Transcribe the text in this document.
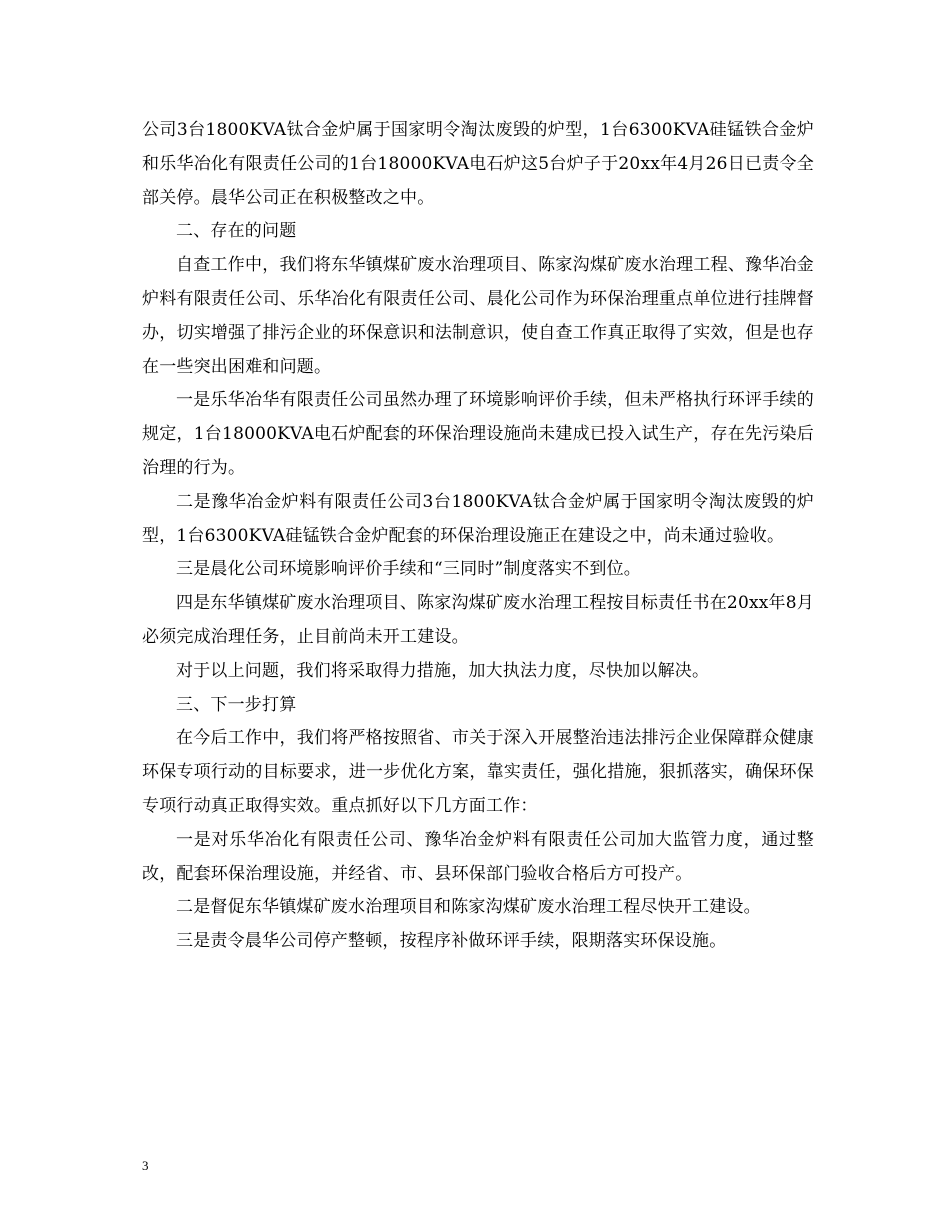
公司3台1800KVA钛合金炉属于国家明令淘汰废毁的炉型，1台6300KVA硅锰铁合金炉和乐华冶化有限责任公司的1台18000KVA电石炉这5台炉子于20xx年4月26日已责令全部关停。晨华公司正在积极整改之中。

二、存在的问题

自查工作中，我们将东华镇煤矿废水治理项目、陈家沟煤矿废水治理工程、豫华冶金炉料有限责任公司、乐华冶化有限责任公司、晨化公司作为环保治理重点单位进行挂牌督办，切实增强了排污企业的环保意识和法制意识，使自查工作真正取得了实效，但是也存在一些突出困难和问题。

一是乐华冶华有限责任公司虽然办理了环境影响评价手续，但未严格执行环评手续的规定，1台18000KVA电石炉配套的环保治理设施尚未建成已投入试生产，存在先污染后治理的行为。

二是豫华冶金炉料有限责任公司3台1800KVA钛合金炉属于国家明令淘汰废毁的炉型，1台6300KVA硅锰铁合金炉配套的环保治理设施正在建设之中，尚未通过验收。

三是晨化公司环境影响评价手续和“三同时”制度落实不到位。

四是东华镇煤矿废水治理项目、陈家沟煤矿废水治理工程按目标责任书在20xx年8月必须完成治理任务，止目前尚未开工建设。

对于以上问题，我们将采取得力措施，加大执法力度，尽快加以解决。

三、下一步打算

在今后工作中，我们将严格按照省、市关于深入开展整治违法排污企业保障群众健康环保专项行动的目标要求，进一步优化方案，靠实责任，强化措施，狠抓落实，确保环保专项行动真正取得实效。重点抓好以下几方面工作：

一是对乐华冶化有限责任公司、豫华冶金炉料有限责任公司加大监管力度，通过整改，配套环保治理设施，并经省、市、县环保部门验收合格后方可投产。

二是督促东华镇煤矿废水治理项目和陈家沟煤矿废水治理工程尽快开工建设。

三是责令晨华公司停产整顿，按程序补做环评手续，限期落实环保设施。

3
